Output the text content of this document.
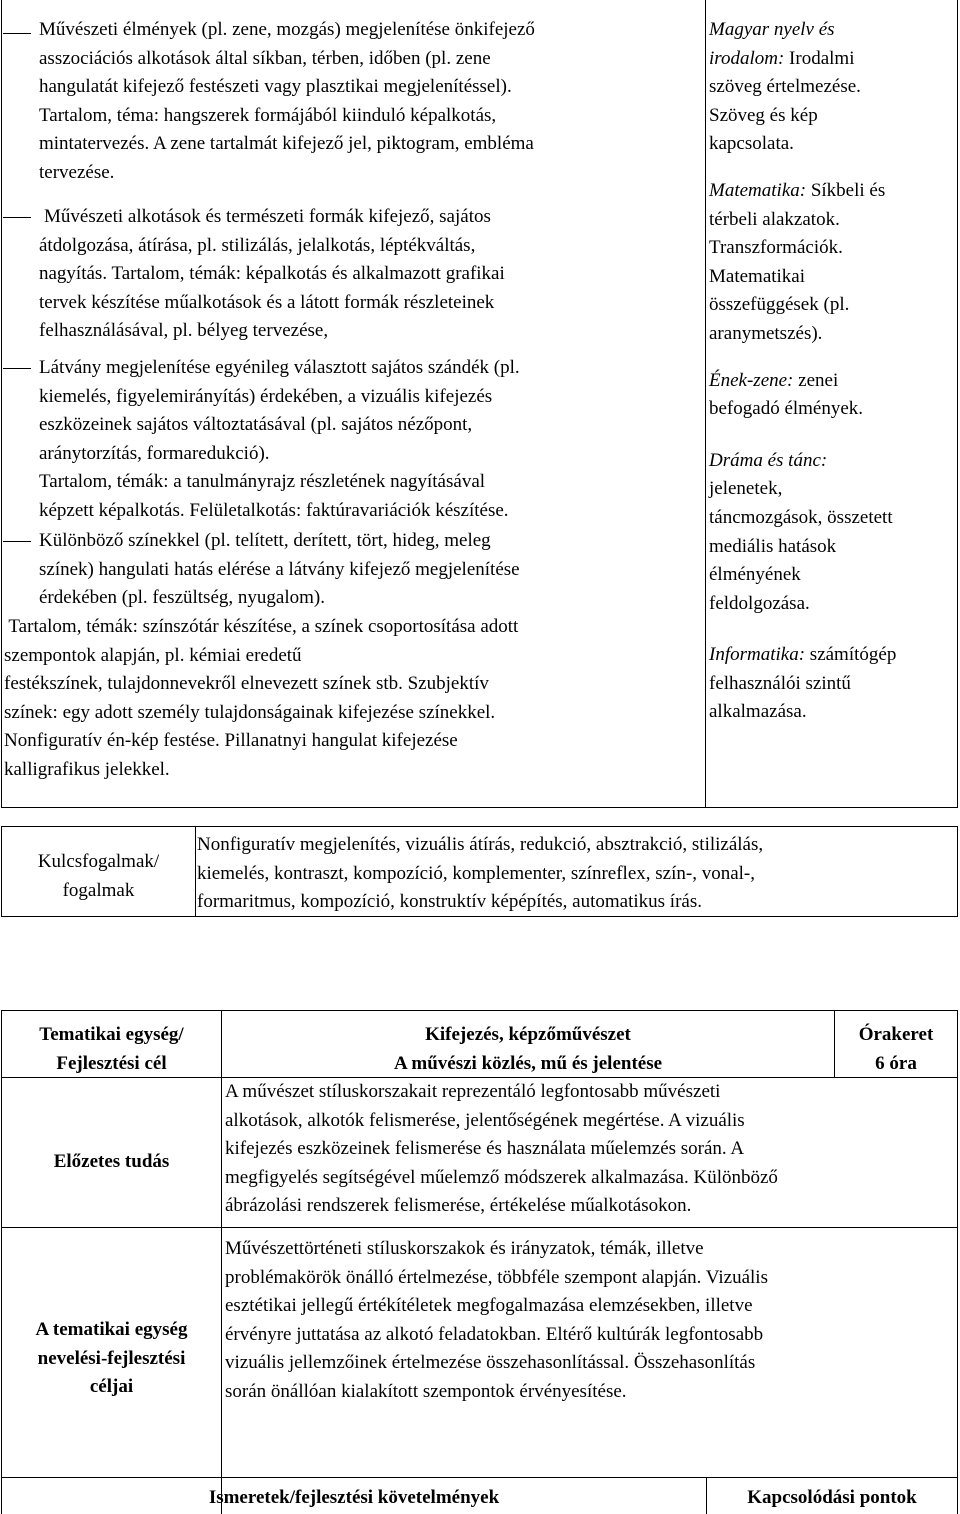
Művészeti élmények (pl. zene, mozgás) megjelenítése önkifejező
asszociációs alkotások által síkban, térben, időben (pl. zene
hangulatát kifejező festészeti vagy plasztikai megjelenítéssel).
Tartalom, téma: hangszerek formájából kiinduló képalkotás,
mintatervezés. A zene tartalmát kifejező jel, piktogram, embléma
tervezése.
Művészeti alkotások és természeti formák kifejező, sajátos
átdolgozása, átírása, pl. stilizálás, jelalkotás, léptékváltás,
nagyítás. Tartalom, témák: képalkotás és alkalmazott grafikai
tervek készítése műalkotások és a látott formák részleteinek
felhasználásával, pl. bélyeg tervezése,
Látvány megjelenítése egyénileg választott sajátos szándék (pl.
kiemelés, figyelemirányítás) érdekében, a vizuális kifejezés
eszközeinek sajátos változtatásával (pl. sajátos nézőpont,
aránytorzítás, formaredukció).
Tartalom, témák: a tanulmányrajz részletének nagyításával
képzett képalkotás. Felületalkotás: faktúravariációk készítése.
Különböző színekkel (pl. telített, derített, tört, hideg, meleg
színek) hangulati hatás elérése a látvány kifejező megjelenítése
érdekében (pl. feszültség, nyugalom).
Tartalom, témák: színszótár készítése, a színek csoportosítása adott
szempontok alapján, pl. kémiai eredetű
festékszínek, tulajdonnevekről elnevezett színek stb. Szubjektív
színek: egy adott személy tulajdonságainak kifejezése színekkel.
Nonfiguratív én-kép festése. Pillanatnyi hangulat kifejezése
kalligrafikus jelekkel.
Magyar nyelv és
irodalom: Irodalmi
szöveg értelmezése.
Szöveg és kép
kapcsolata.
Matematika: Síkbeli és
térbeli alakzatok.
Transzformációk.
Matematikai
összefüggések (pl.
aranymetszés).
Ének-zene: zenei
befogadó élmények.
Dráma és tánc:
jelenetek,
táncmozgások, összetett
mediális hatások
élményének
feldolgozása.
Informatika: számítógép
felhasználói szintű
alkalmazása.
Kulcsfogalmak/
fogalmak
Nonfiguratív megjelenítés, vizuális átírás, redukció, absztrakció, stilizálás,
kiemelés, kontraszt, kompozíció, komplementer, színreflex, szín-, vonal-,
formaritmus, kompozíció, konstruktív képépítés, automatikus írás.
Tematikai egység/
Fejlesztési cél
Kifejezés, képzőművészet
A művészi közlés, mű és jelentése
Órakeret
6 óra
Előzetes tudás
A művészet stíluskorszakait reprezentáló legfontosabb művészeti
alkotások, alkotók felismerése, jelentőségének megértése. A vizuális
kifejezés eszközeinek felismerése és használata műelemzés során. A
megfigyelés segítségével műelemző módszerek alkalmazása. Különböző
ábrázolási rendszerek felismerése, értékelése műalkotásokon.
A tematikai egység
nevelési-fejlesztési
céljai
Művészettörténeti stíluskorszakok és irányzatok, témák, illetve
problémakörök önálló értelmezése, többféle szempont alapján. Vizuális
esztétikai jellegű értékítéletek megfogalmazása elemzésekben, illetve
érvényre juttatása az alkotó feladatokban. Eltérő kultúrák legfontosabb
vizuális jellemzőinek értelmezése összehasonlítással. Összehasonlítás
során önállóan kialakított szempontok érvényesítése.
Ismeretek/fejlesztési követelmények	Kapcsolódási pontok
